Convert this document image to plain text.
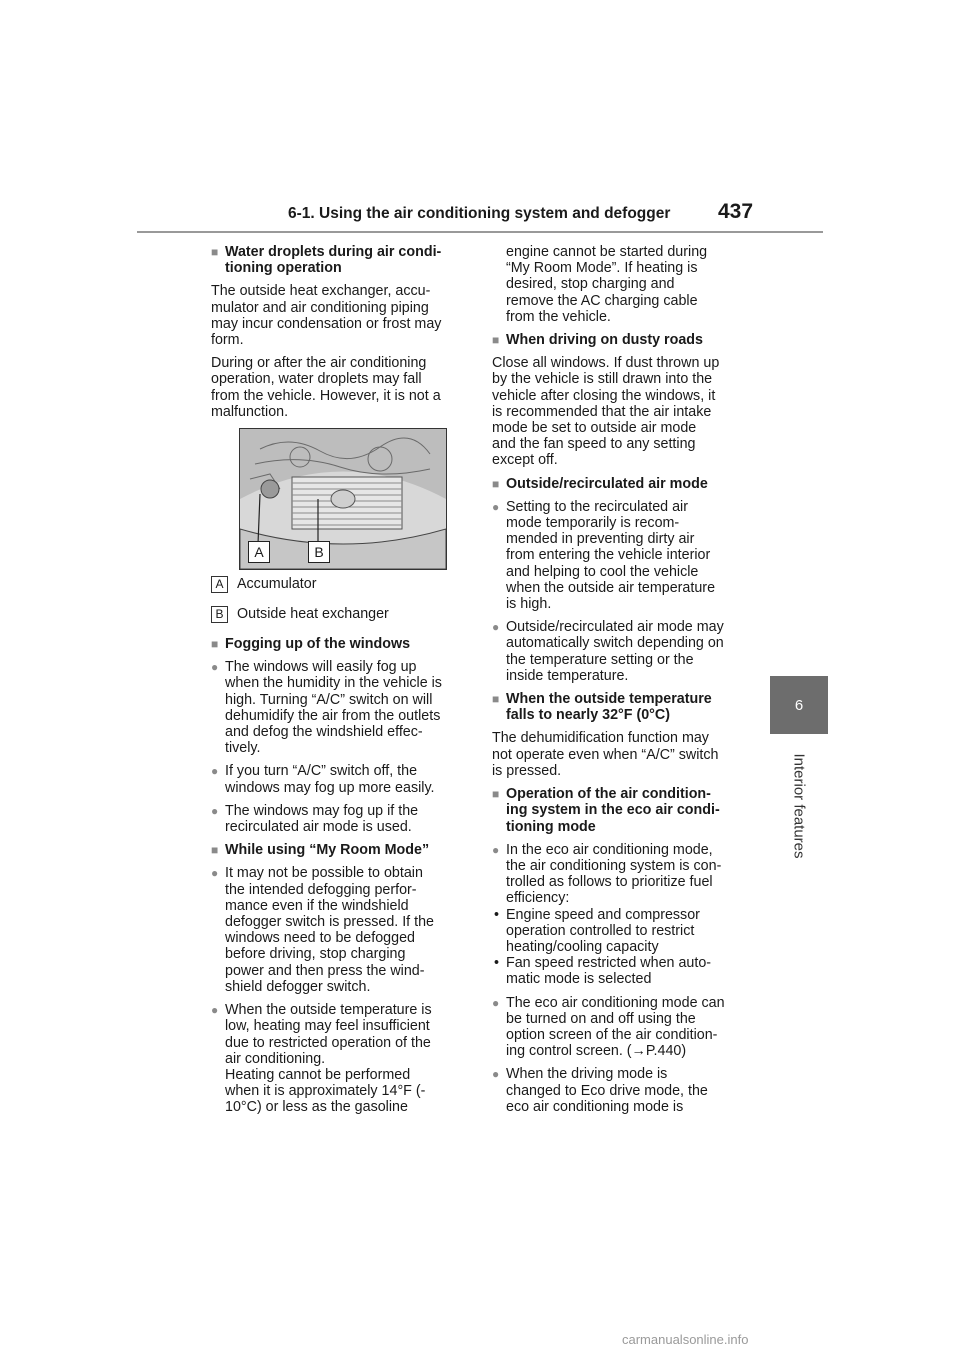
6-1. Using the air conditioning system and defogger 437
6
Interior features
■ Water droplets during air condi-
tioning operation

The outside heat exchanger, accu-
mulator and air conditioning piping
may incur condensation or frost may
form.

During or after the air conditioning
operation, water droplets may fall
from the vehicle. However, it is not a
malfunction.

A	B
A Accumulator
B Outside heat exchanger
■ Fogging up of the windows
● The windows will easily fog up
when the humidity in the vehicle is
high. Turning “A/C” switch on will
dehumidify the air from the outlets
and defog the windshield effec-
tively.
● If you turn “A/C” switch off, the
windows may fog up more easily.
● The windows may fog up if the
recirculated air mode is used.
■ While using “My Room Mode”
● It may not be possible to obtain
the intended defogging perfor-
mance even if the windshield
defogger switch is pressed. If the
windows need to be defogged
before driving, stop charging
power and then press the wind-
shield defogger switch.
● When the outside temperature is
low, heating may feel insufficient
due to restricted operation of the
air conditioning.
Heating cannot be performed
when it is approximately 14°F (-
10°C) or less as the gasoline
engine cannot be started during
“My Room Mode”. If heating is
desired, stop charging and
remove the AC charging cable
from the vehicle.
■ When driving on dusty roads

Close all windows. If dust thrown up
by the vehicle is still drawn into the
vehicle after closing the windows, it
is recommended that the air intake
mode be set to outside air mode
and the fan speed to any setting
except off.

■ Outside/recirculated air mode
● Setting to the recirculated air
mode temporarily is recom-
mended in preventing dirty air
from entering the vehicle interior
and helping to cool the vehicle
when the outside air temperature
is high.
● Outside/recirculated air mode may
automatically switch depending on
the temperature setting or the
inside temperature.
■ When the outside temperature
falls to nearly 32°F (0°C)

The dehumidification function may
not operate even when “A/C” switch
is pressed.

■ Operation of the air condition-
ing system in the eco air condi-
tioning mode
● In the eco air conditioning mode,
the air conditioning system is con-
trolled as follows to prioritize fuel
efficiency:
• Engine speed and compressor
operation controlled to restrict
heating/cooling capacity
• Fan speed restricted when auto-
matic mode is selected
● The eco air conditioning mode can
be turned on and off using the
option screen of the air condition-
ing control screen. (→P.440)
● When the driving mode is
changed to Eco drive mode, the
eco air conditioning mode is
carmanualsonline.info
